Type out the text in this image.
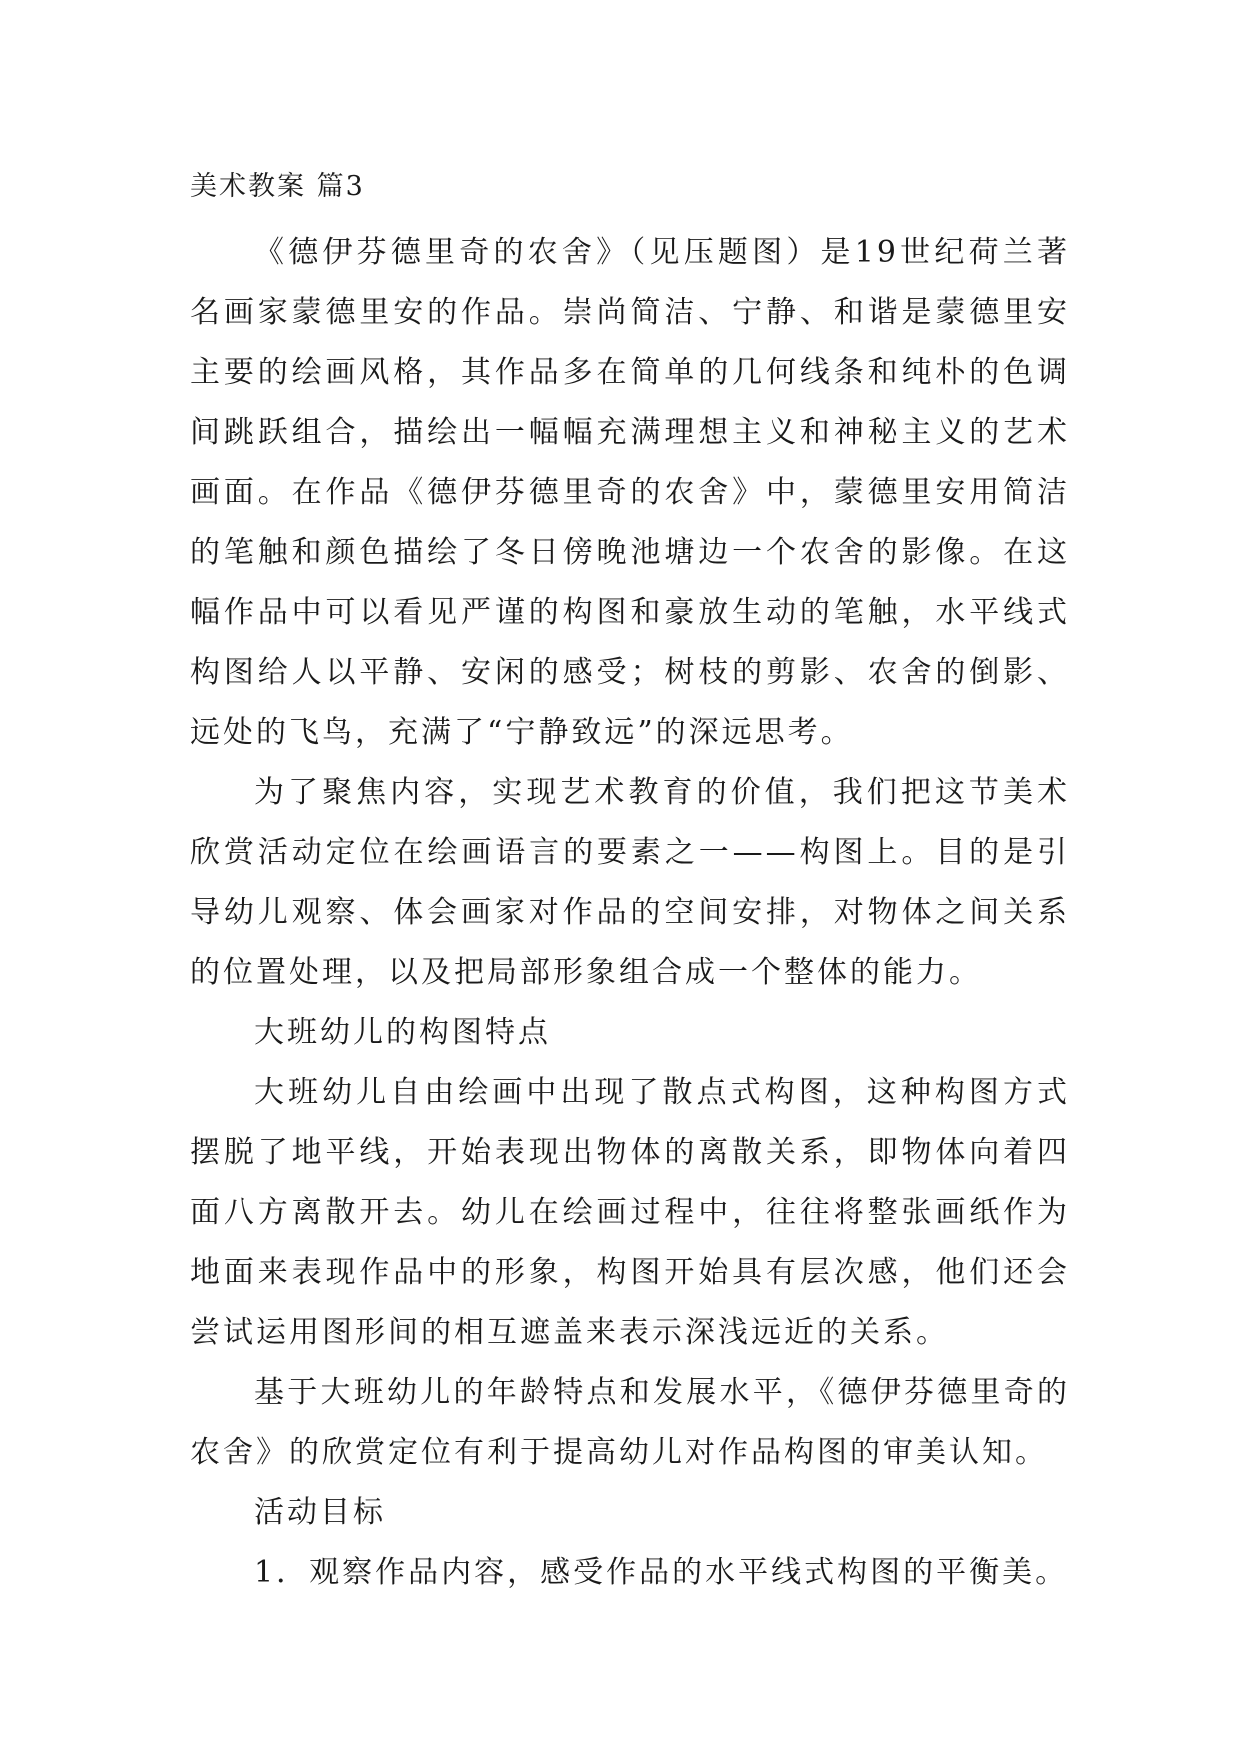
美术教案 篇3

《德伊芬德里奇的农舍》（见压题图）是19世纪荷兰著名画家蒙德里安的作品。崇尚简洁、宁静、和谐是蒙德里安主要的绘画风格，其作品多在简单的几何线条和纯朴的色调间跳跃组合，描绘出一幅幅充满理想主义和神秘主义的艺术画面。在作品《德伊芬德里奇的农舍》中，蒙德里安用简洁的笔触和颜色描绘了冬日傍晚池塘边一个农舍的影像。在这幅作品中可以看见严谨的构图和豪放生动的笔触，水平线式构图给人以平静、安闲的感受；树枝的剪影、农舍的倒影、远处的飞鸟，充满了“宁静致远”的深远思考。

为了聚焦内容，实现艺术教育的价值，我们把这节美术欣赏活动定位在绘画语言的要素之一——构图上。目的是引导幼儿观察、体会画家对作品的空间安排，对物体之间关系的位置处理，以及把局部形象组合成一个整体的能力。

大班幼儿的构图特点

大班幼儿自由绘画中出现了散点式构图，这种构图方式摆脱了地平线，开始表现出物体的离散关系，即物体向着四面八方离散开去。幼儿在绘画过程中，往往将整张画纸作为地面来表现作品中的形象，构图开始具有层次感，他们还会尝试运用图形间的相互遮盖来表示深浅远近的关系。

基于大班幼儿的年龄特点和发展水平，《德伊芬德里奇的农舍》的欣赏定位有利于提高幼儿对作品构图的审美认知。

活动目标

1．观察作品内容，感受作品的水平线式构图的平衡美。
